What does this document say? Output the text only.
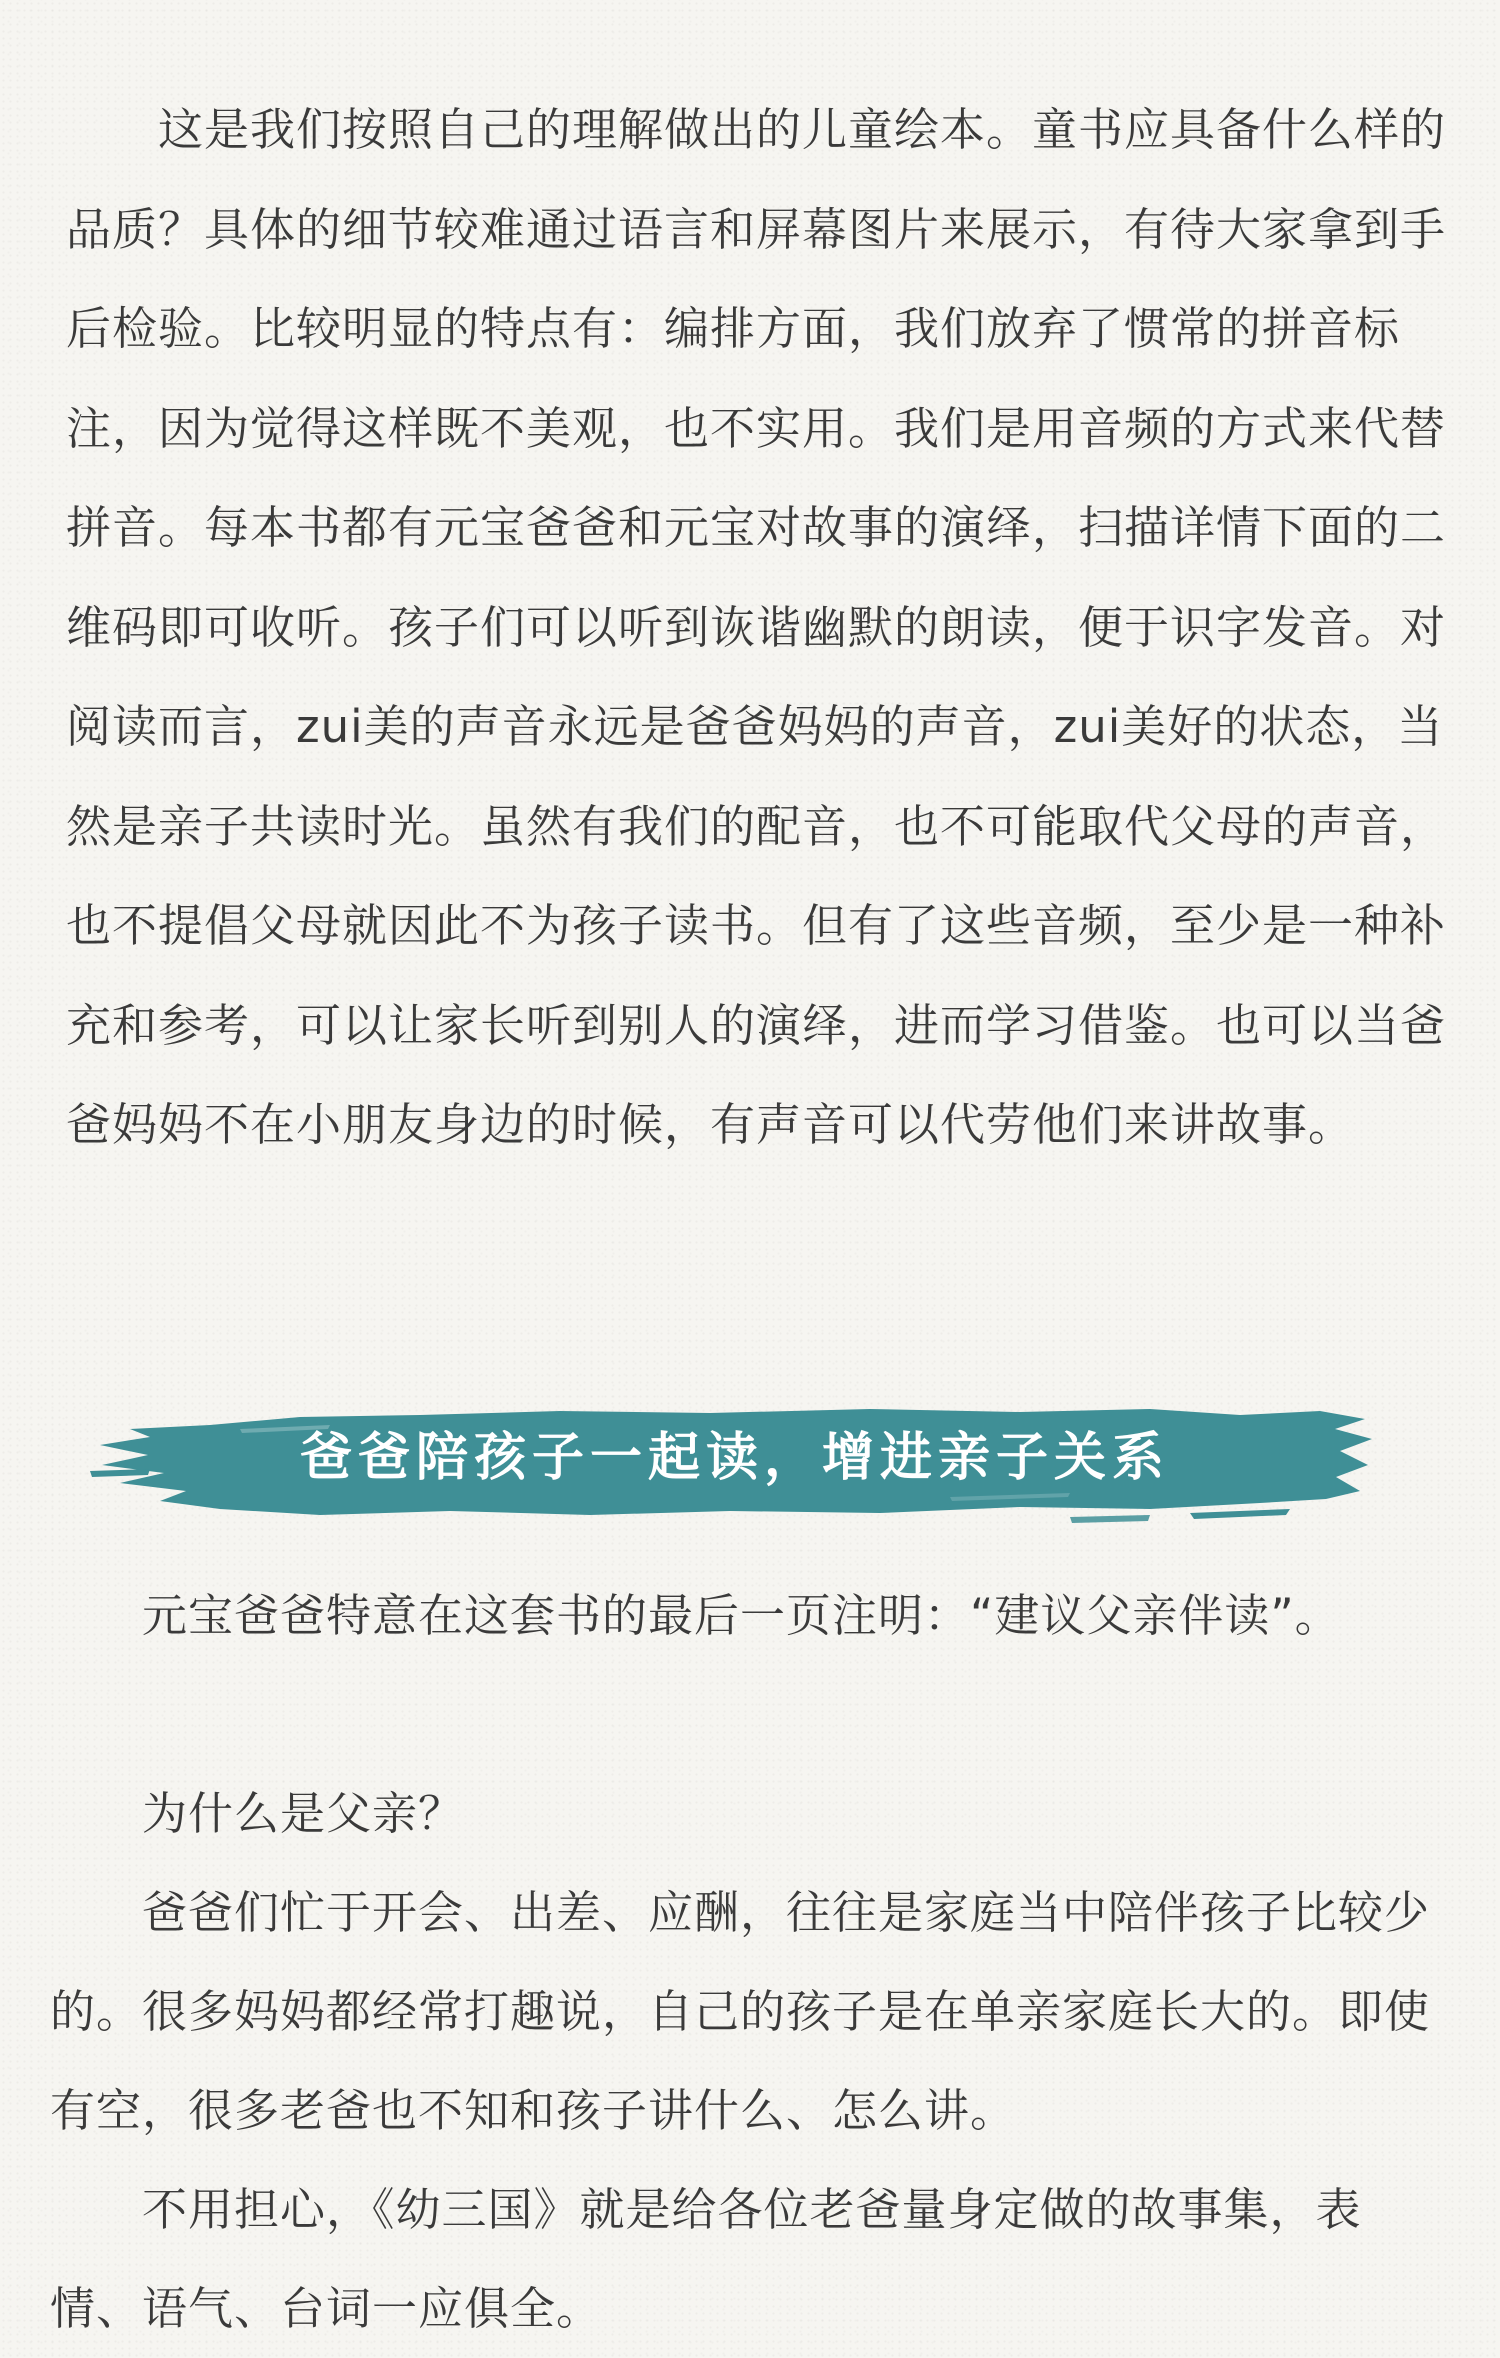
　　这是我们按照自己的理解做出的儿童绘本。童书应具备什么样的品质？具体的细节较难通过语言和屏幕图片来展示，有待大家拿到手后检验。比较明显的特点有：编排方面，我们放弃了惯常的拼音标注，因为觉得这样既不美观，也不实用。我们是用音频的方式来代替拼音。每本书都有元宝爸爸和元宝对故事的演绎，扫描详情下面的二维码即可收听。孩子们可以听到诙谐幽默的朗读，便于识字发音。对阅读而言，zui美的声音永远是爸爸妈妈的声音，zui美好的状态，当然是亲子共读时光。虽然有我们的配音，也不可能取代父母的声音，也不提倡父母就因此不为孩子读书。但有了这些音频，至少是一种补充和参考，可以让家长听到别人的演绎，进而学习借鉴。也可以当爸爸妈妈不在小朋友身边的时候，有声音可以代劳他们来讲故事。

爸爸陪孩子一起读，增进亲子关系

　　元宝爸爸特意在这套书的最后一页注明：“建议父亲伴读”。

　　为什么是父亲？

　　爸爸们忙于开会、出差、应酬，往往是家庭当中陪伴孩子比较少的。很多妈妈都经常打趣说，自己的孩子是在单亲家庭长大的。即使有空，很多老爸也不知和孩子讲什么、怎么讲。

　　不用担心，《幼三国》就是给各位老爸量身定做的故事集，表情、语气、台词一应俱全。
